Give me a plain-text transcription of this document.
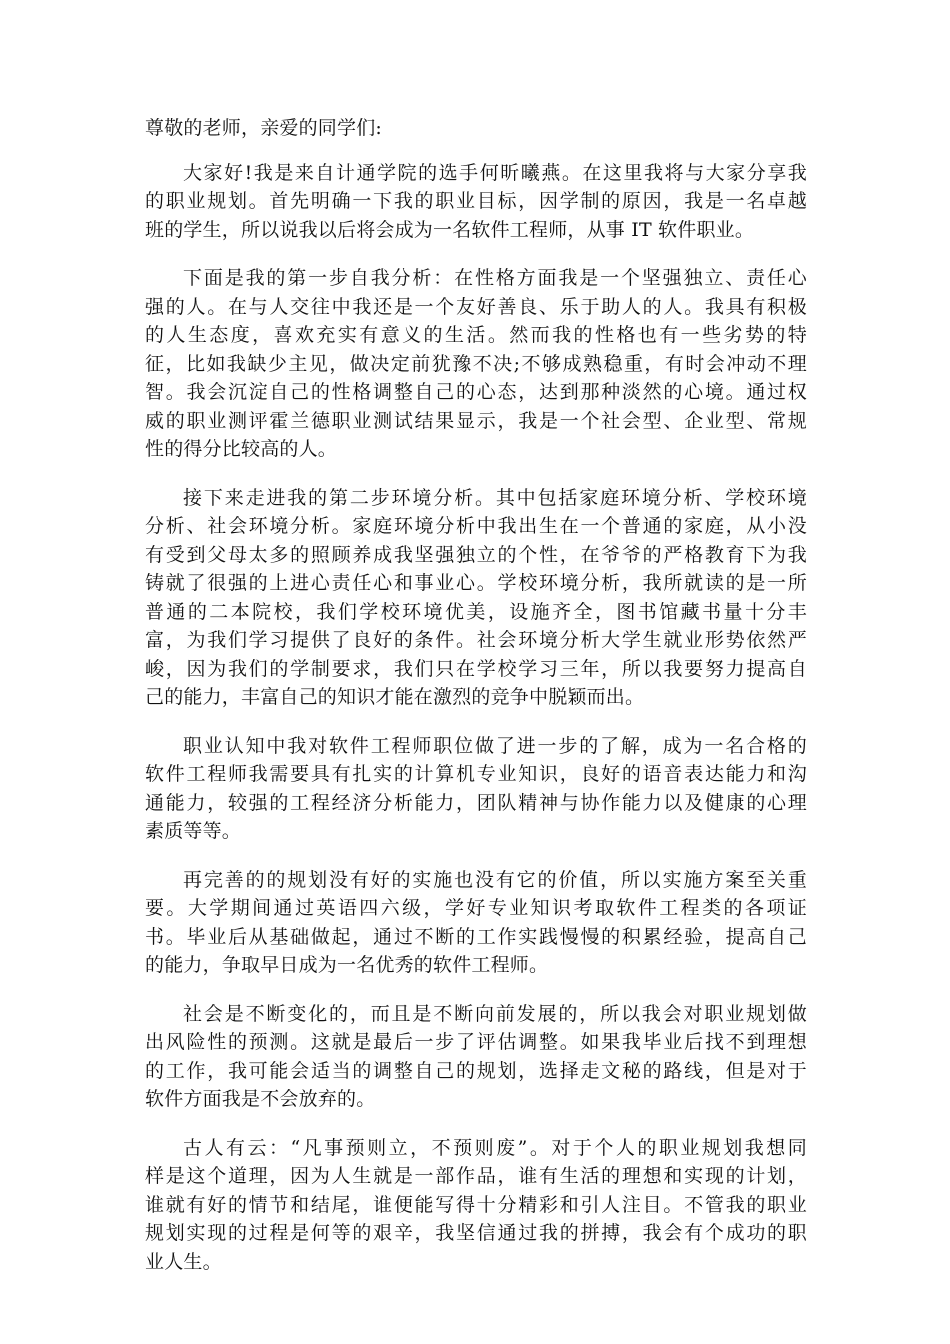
尊敬的老师，亲爱的同学们:
大家好!我是来自计通学院的选手何昕曦燕。在这里我将与大家分享我
的职业规划。首先明确一下我的职业目标，因学制的原因，我是一名卓越
班的学生，所以说我以后将会成为一名软件工程师，从事 IT 软件职业。
下面是我的第一步自我分析：在性格方面我是一个坚强独立、责任心
强的人。在与人交往中我还是一个友好善良、乐于助人的人。我具有积极
的人生态度，喜欢充实有意义的生活。然而我的性格也有一些劣势的特
征，比如我缺少主见，做决定前犹豫不决;不够成熟稳重，有时会冲动不理
智。我会沉淀自己的性格调整自己的心态，达到那种淡然的心境。通过权
威的职业测评霍兰德职业测试结果显示，我是一个社会型、企业型、常规
性的得分比较高的人。
接下来走进我的第二步环境分析。其中包括家庭环境分析、学校环境
分析、社会环境分析。家庭环境分析中我出生在一个普通的家庭，从小没
有受到父母太多的照顾养成我坚强独立的个性，在爷爷的严格教育下为我
铸就了很强的上进心责任心和事业心。学校环境分析，我所就读的是一所
普通的二本院校，我们学校环境优美，设施齐全，图书馆藏书量十分丰
富，为我们学习提供了良好的条件。社会环境分析大学生就业形势依然严
峻，因为我们的学制要求，我们只在学校学习三年，所以我要努力提高自
己的能力，丰富自己的知识才能在激烈的竞争中脱颖而出。
职业认知中我对软件工程师职位做了进一步的了解，成为一名合格的
软件工程师我需要具有扎实的计算机专业知识，良好的语音表达能力和沟
通能力，较强的工程经济分析能力，团队精神与协作能力以及健康的心理
素质等等。
再完善的的规划没有好的实施也没有它的价值，所以实施方案至关重
要。大学期间通过英语四六级，学好专业知识考取软件工程类的各项证
书。毕业后从基础做起，通过不断的工作实践慢慢的积累经验，提高自己
的能力，争取早日成为一名优秀的软件工程师。
社会是不断变化的，而且是不断向前发展的，所以我会对职业规划做
出风险性的预测。这就是最后一步了评估调整。如果我毕业后找不到理想
的工作，我可能会适当的调整自己的规划，选择走文秘的路线，但是对于
软件方面我是不会放弃的。
古人有云：“凡事预则立，不预则废”。对于个人的职业规划我想同
样是这个道理，因为人生就是一部作品，谁有生活的理想和实现的计划，
谁就有好的情节和结尾，谁便能写得十分精彩和引人注目。不管我的职业
规划实现的过程是何等的艰辛，我坚信通过我的拼搏，我会有个成功的职
业人生。
